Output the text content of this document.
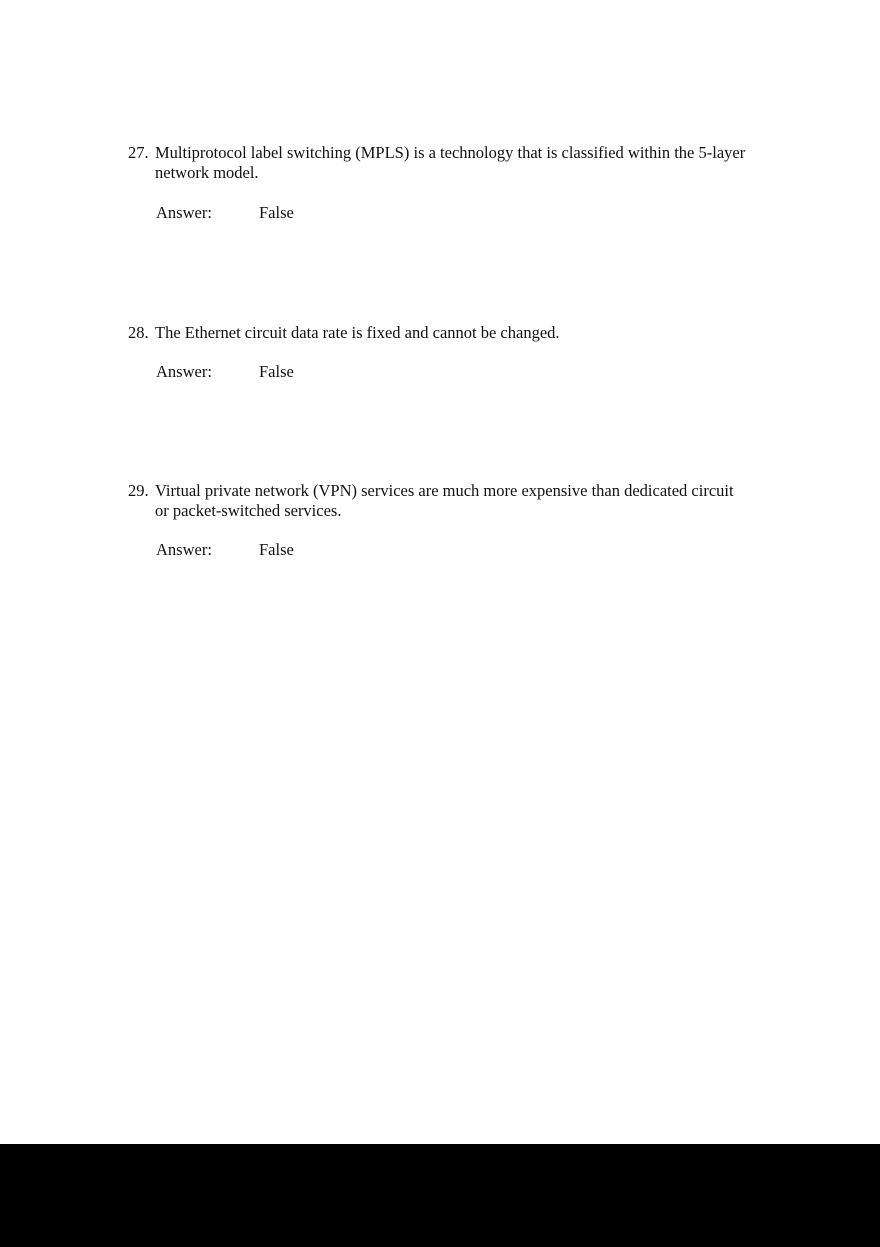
27. Multiprotocol label switching (MPLS) is a technology that is classified within the 5-layer network model.
Answer:	False
28. The Ethernet circuit data rate is fixed and cannot be changed.
Answer:	False
29. Virtual private network (VPN) services are much more expensive than dedicated circuit or packet-switched services.
Answer:	False
